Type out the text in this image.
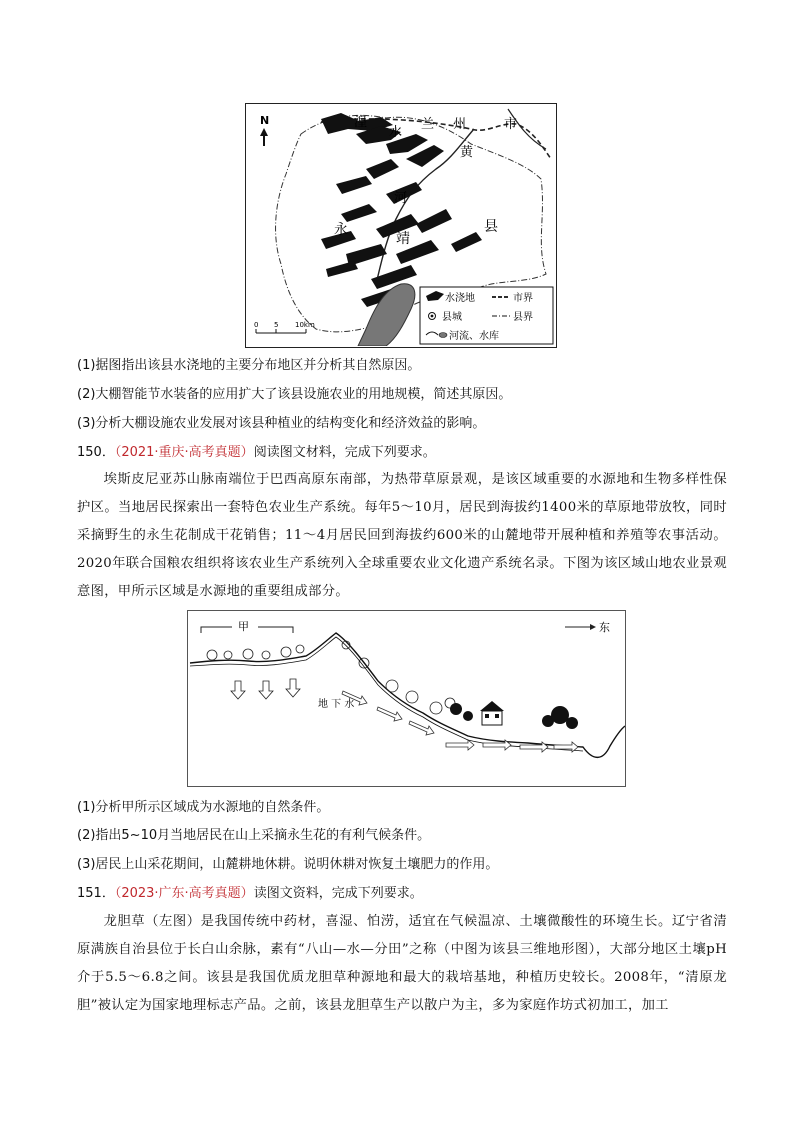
N	湟
水
兰 州	市
黄
河
永
靖
县
0 5 10km
水浇地	市界
县城	县界
河流、水库
(1)据图指出该县水浇地的主要分布地区并分析其自然原因。
(2)大棚智能节水装备的应用扩大了该县设施农业的用地规模，简述其原因。
(3)分析大棚设施农业发展对该县种植业的结构变化和经济效益的影响。
150．（2021·重庆·高考真题）阅读图文材料，完成下列要求。

埃斯皮尼亚苏山脉南端位于巴西高原东南部，为热带草原景观，是该区域重要的水源地和生物多样性保护区。当地居民探索出一套特色农业生产系统。每年5～10月，居民到海拔约1400米的草原地带放牧，同时采摘野生的永生花制成干花销售；11～4月居民回到海拔约600米的山麓地带开展种植和养殖等农事活动。2020年联合国粮农组织将该农业生产系统列入全球重要农业文化遗产系统名录。下图为该区域山地农业景观意图，甲所示区域是水源地的重要组成部分。

甲	东
地 下 水
(1)分析甲所示区域成为水源地的自然条件。
(2)指出5~10月当地居民在山上采摘永生花的有利气候条件。
(3)居民上山采花期间，山麓耕地休耕。说明休耕对恢复土壤肥力的作用。
151．（2023·广东·高考真题）读图文资料，完成下列要求。

龙胆草（左图）是我国传统中药材，喜湿、怕涝，适宜在气候温凉、土壤微酸性的环境生长。辽宁省清原满族自治县位于长白山余脉，素有“八山—水—分田”之称（中图为该县三维地形图），大部分地区土壤pH介于5.5～6.8之间。该县是我国优质龙胆草种源地和最大的栽培基地，种植历史较长。2008年，“清原龙胆”被认定为国家地理标志产品。之前，该县龙胆草生产以散户为主，多为家庭作坊式初加工，加工
